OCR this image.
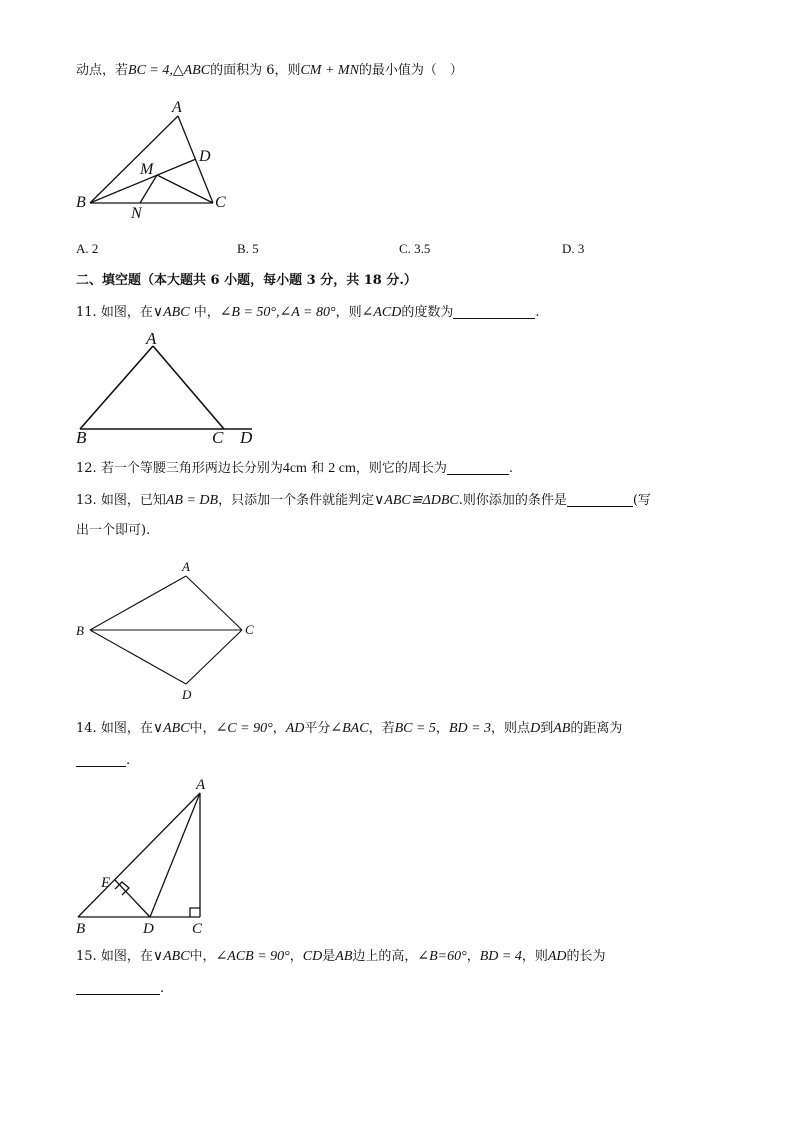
动点，若BC = 4,△ABC的面积为 6，则CM + MN的最小值为（　）
A
B	C
D
M
N
A. 2	B. 5	C. 3.5	D. 3
二、填空题（本大题共 6 小题，每小题 3 分，共 18 分.）
11. 如图，在∨ABC 中，∠B = 50°,∠A = 80°，则∠ACD的度数为	.
A
B	C D
12. 若一个等腰三角形两边长分别为4cm 和 2 cm，则它的周长为	.
13. 如图，已知AB = DB，只添加一个条件就能判定∨ABC≌ΔDBC.则你添加的条件是	(写
出一个即可).
A
B	C
D
14. 如图，在∨ABC中，∠C = 90°，AD平分∠BAC，若BC = 5，BD = 3，则点D到AB的距离为
.
A
B	C
D
E
15. 如图，在∨ABC中，∠ACB = 90°，CD是AB边上的高，∠B=60°，BD = 4，则AD的长为
.
